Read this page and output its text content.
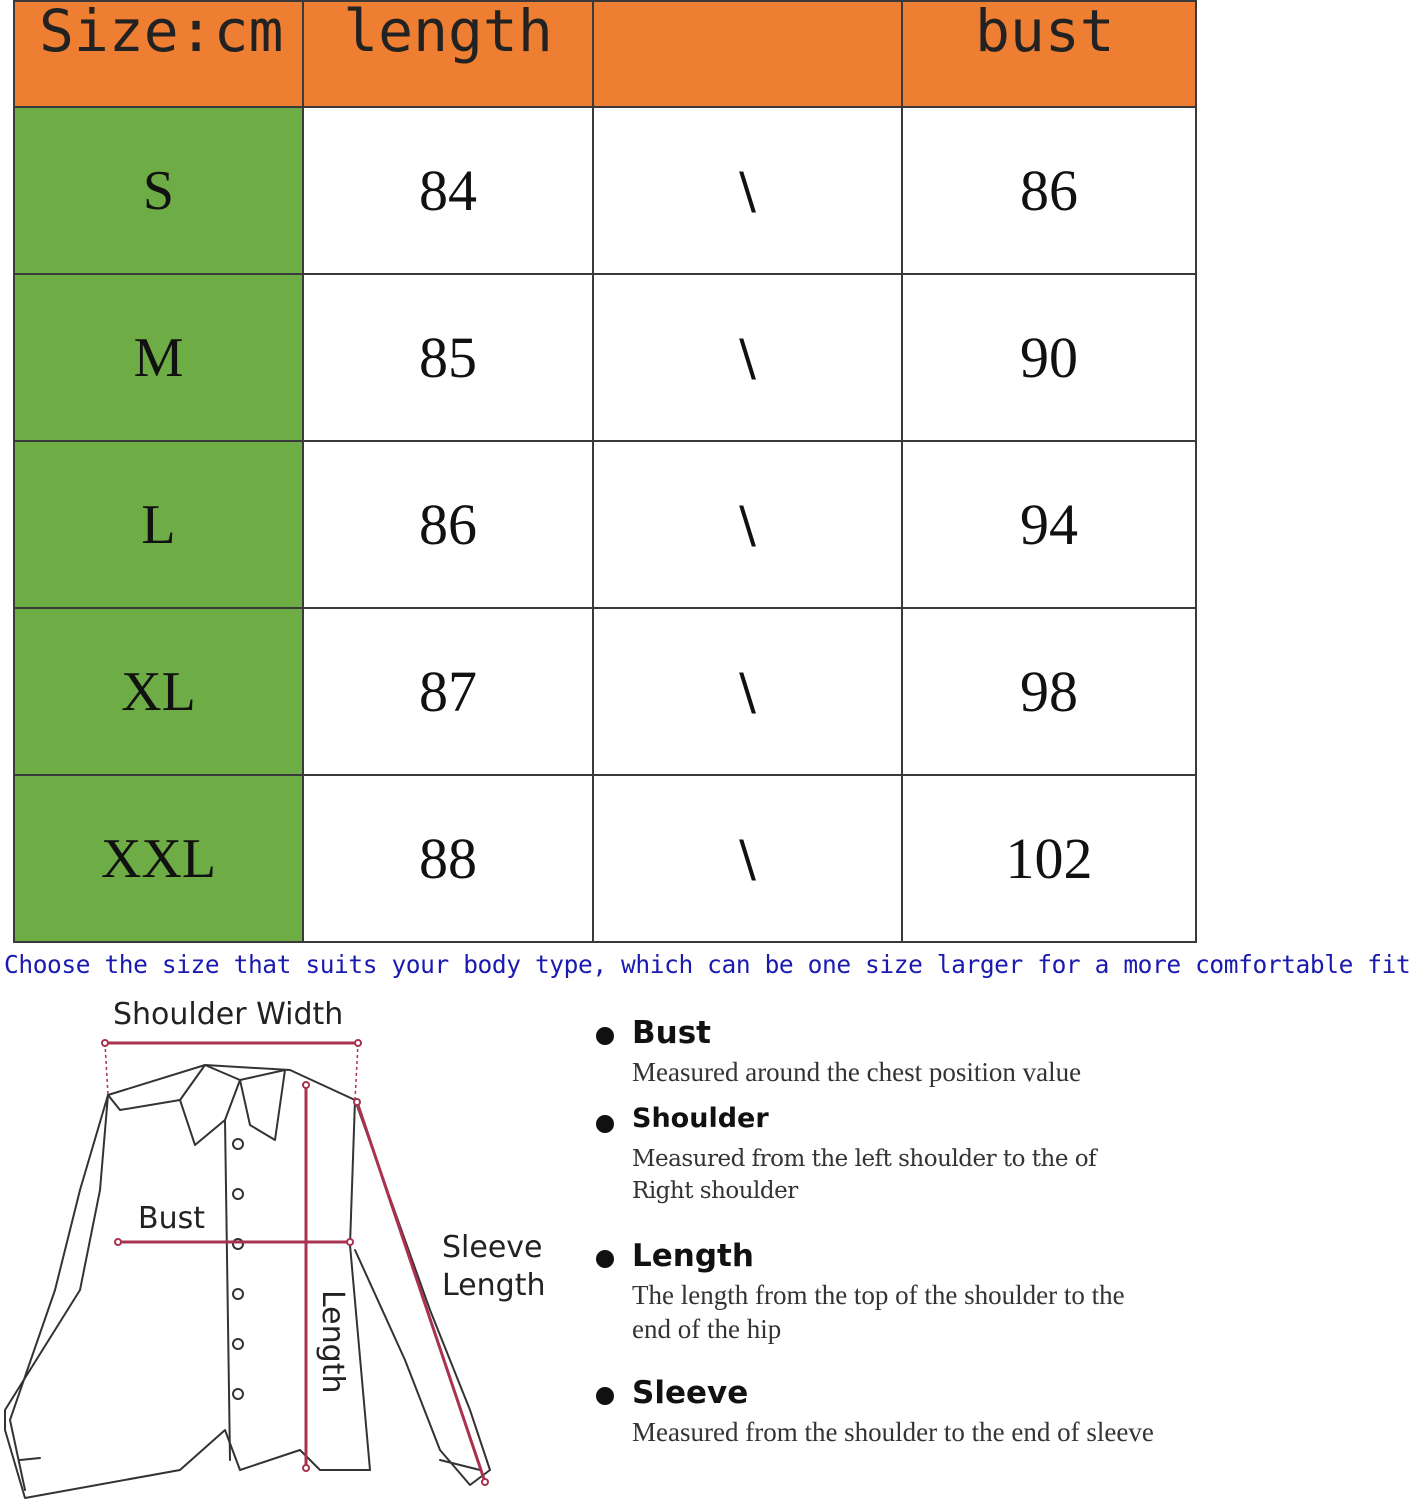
Size:cm	length		bust
S	84	\	86
M	85	\	90
L	86	\	94
XL	87	\	98
XXL	88	\	102
Choose the size that suits your body type, which can be one size larger for a more comfortable fit
Shoulder Width
Bust
Length
Sleeve
Length
Bust
Measured around the chest position value
Shoulder
Measured from the left shoulder to the of Right shoulder
Length
The length from the top of the shoulder to the end of the hip
Sleeve
Measured from the shoulder to the end of sleeve
